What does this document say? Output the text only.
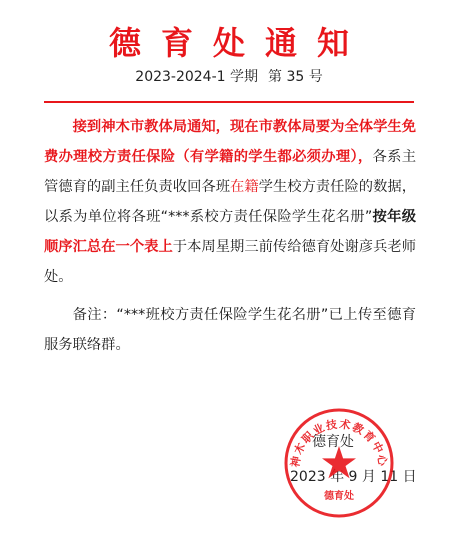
德育处通知
2023-2024-1 学期 第 35 号

接到神木市教体局通知，现在市教体局要为全体学生免费办理校方责任保险（有学籍的学生都必须办理），各系主管德育的副主任负责收回各班在籍学生校方责任险的数据，以系为单位将各班“***系校方责任保险学生花名册”按年级顺序汇总在一个表上于本周星期三前传给德育处谢彦兵老师处。

备注：“***班校方责任保险学生花名册”已上传至德育服务联络群。

德育处
2023 年 9 月 11 日
神木职业技术教育中心
德育处
